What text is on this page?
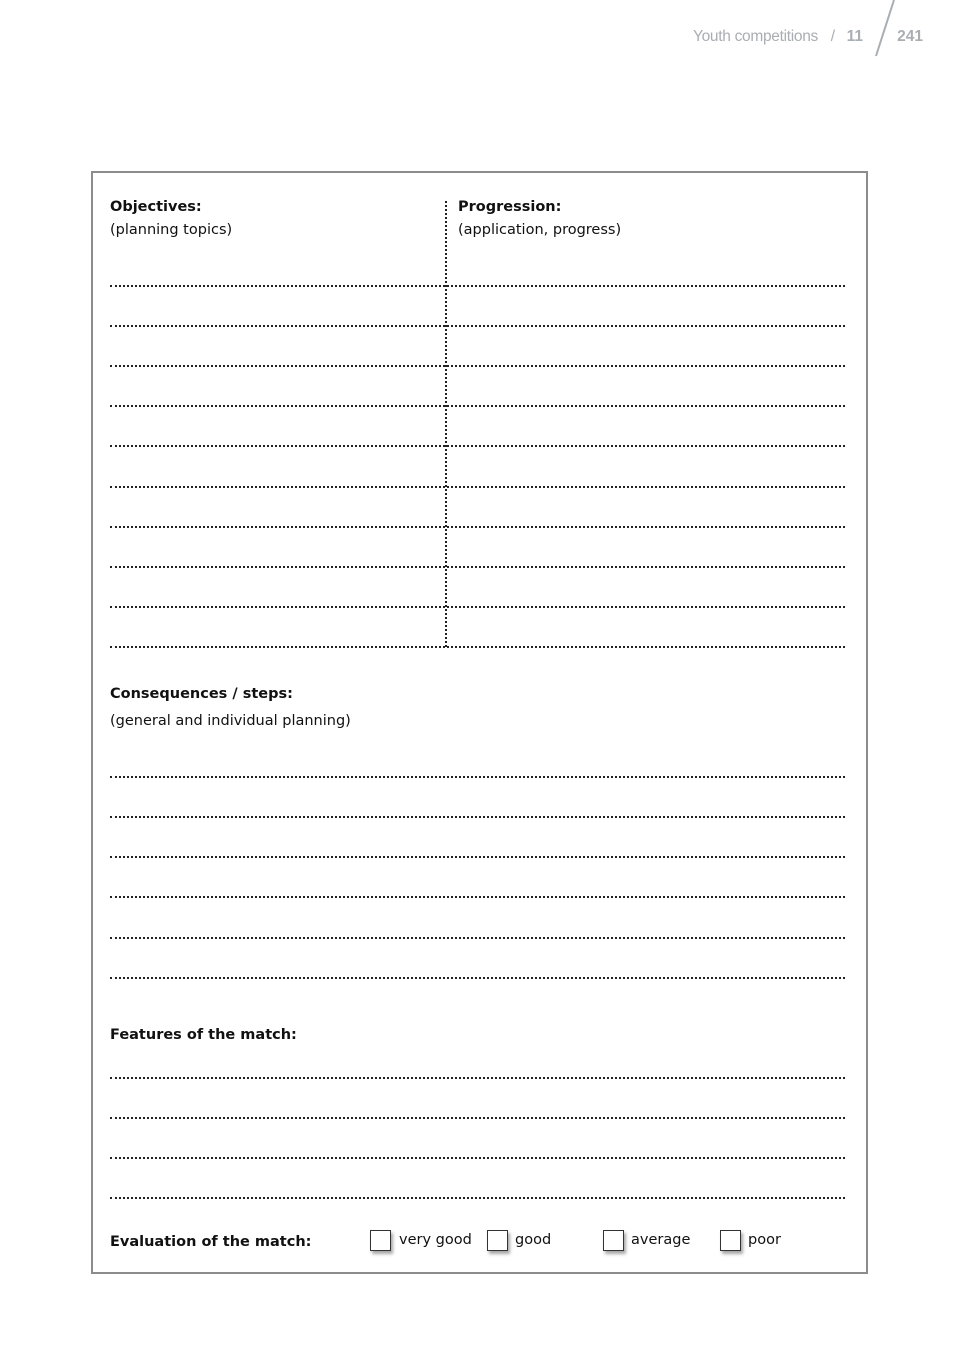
Youth competitions / 11 241
Objectives:
(planning topics)
Progression:
(application, progress)
Consequences / steps:
(general and individual planning)
Features of the match:
Evaluation of the match:	very good	good	average	poor
